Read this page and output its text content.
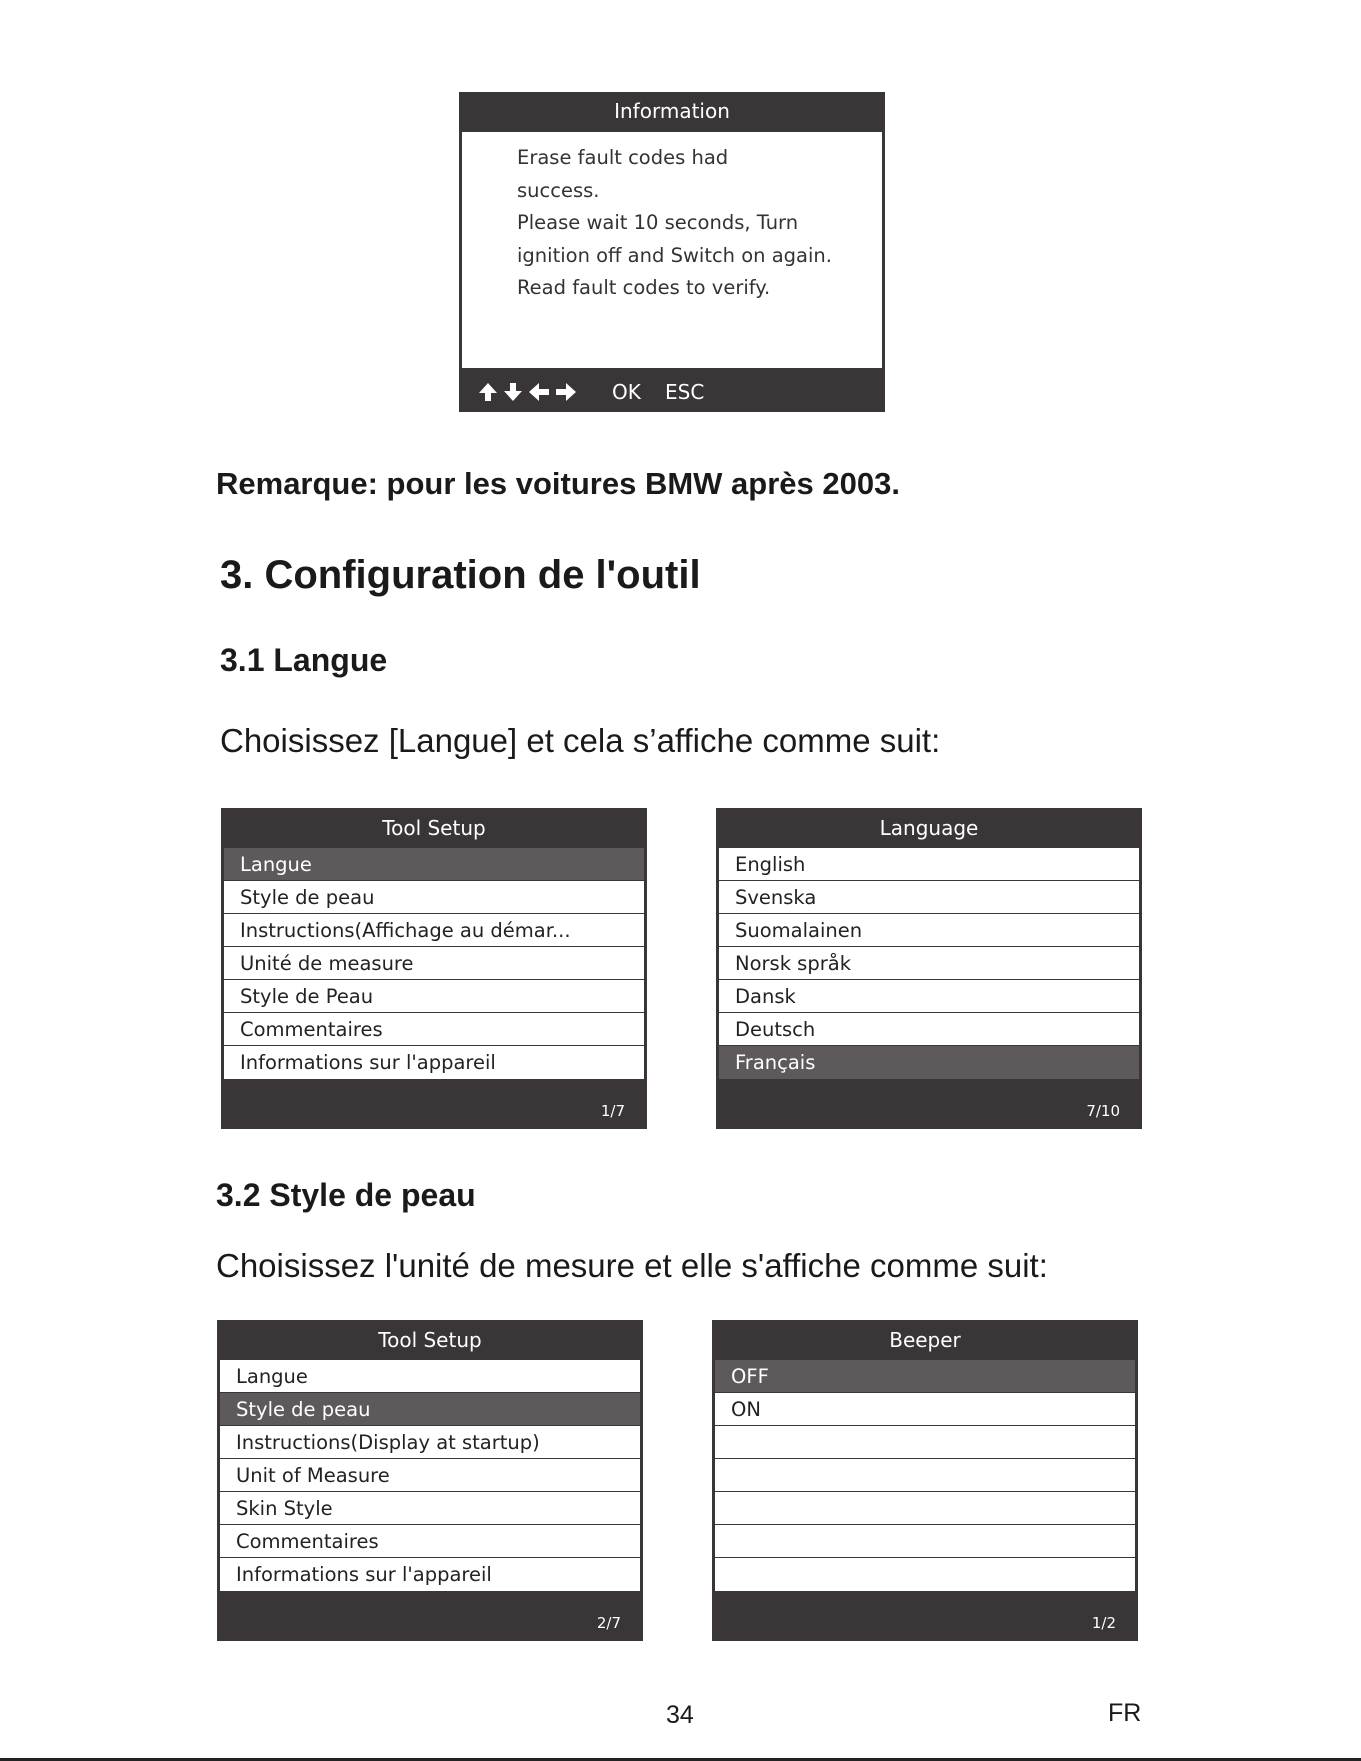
Information
Erase fault codes had
success.
Please wait 10 seconds, Turn
ignition off and Switch on again.
Read fault codes to verify.
OK ESC
Remarque: pour les voitures BMW après 2003.
3. Configuration de l'outil
3.1 Langue
Choisissez [Langue] et cela s’affiche comme suit:
Tool Setup
Langue
Style de peau
Instructions(Affichage au démar...
Unité de measure
Style de Peau
Commentaires
Informations sur l'appareil
1/7
Language
English
Svenska
Suomalainen
Norsk språk
Dansk
Deutsch
Français
7/10
3.2 Style de peau
Choisissez l'unité de mesure et elle s'affiche comme suit:
Tool Setup
Langue
Style de peau
Instructions(Display at startup)
Unit of Measure
Skin Style
Commentaires
Informations sur l'appareil
2/7
Beeper
OFF
ON
1/2
34	FR
